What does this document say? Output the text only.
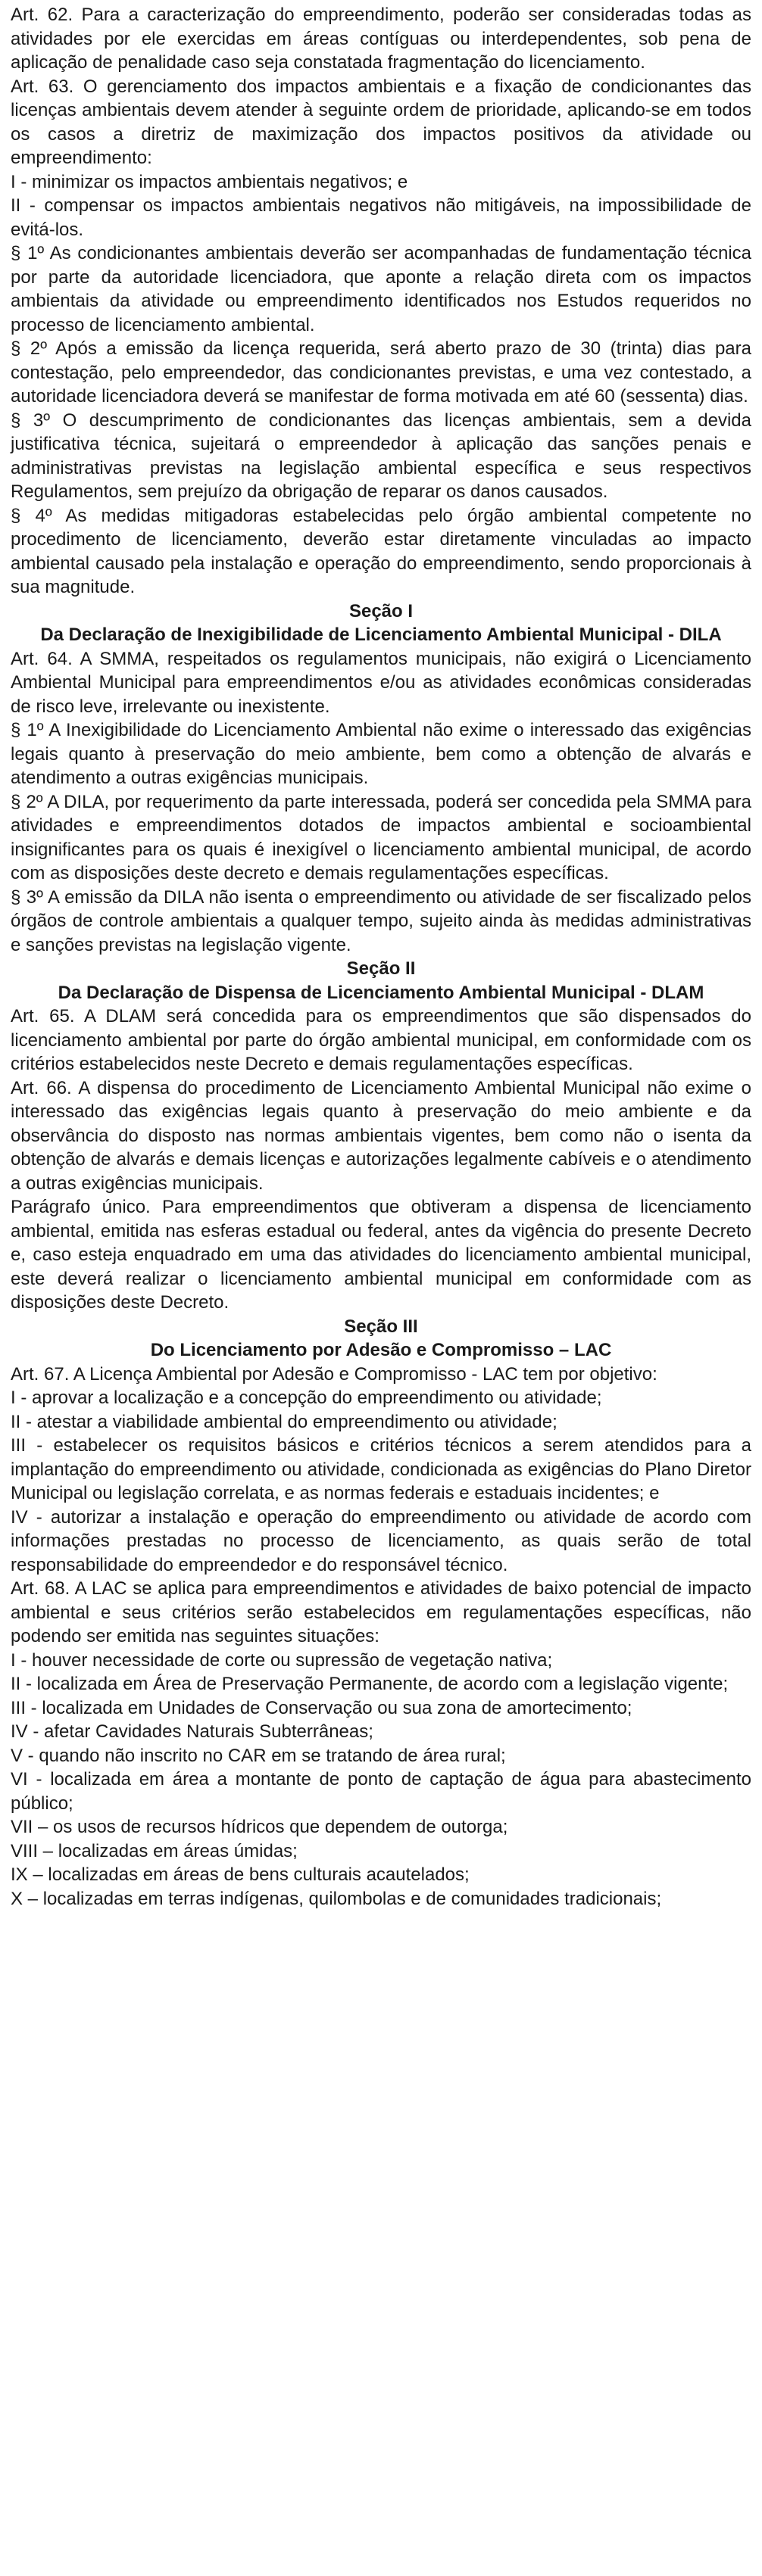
Art. 62. Para a caracterização do empreendimento, poderão ser consideradas todas as atividades por ele exercidas em áreas contíguas ou interdependentes, sob pena de aplicação de penalidade caso seja constatada fragmentação do licenciamento.

Art. 63. O gerenciamento dos impactos ambientais e a fixação de condicionantes das licenças ambientais devem atender à seguinte ordem de prioridade, aplicando-se em todos os casos a diretriz de maximização dos impactos positivos da atividade ou empreendimento:

I - minimizar os impactos ambientais negativos; e

II - compensar os impactos ambientais negativos não mitigáveis, na impossibilidade de evitá-los.

§ 1º As condicionantes ambientais deverão ser acompanhadas de fundamentação técnica por parte da autoridade licenciadora, que aponte a relação direta com os impactos ambientais da atividade ou empreendimento identificados nos Estudos requeridos no processo de licenciamento ambiental.

§ 2º Após a emissão da licença requerida, será aberto prazo de 30 (trinta) dias para contestação, pelo empreendedor, das condicionantes previstas, e uma vez contestado, a autoridade licenciadora deverá se manifestar de forma motivada em até 60 (sessenta) dias.

§ 3º O descumprimento de condicionantes das licenças ambientais, sem a devida justificativa técnica, sujeitará o empreendedor à aplicação das sanções penais e administrativas previstas na legislação ambiental específica e seus respectivos Regulamentos, sem prejuízo da obrigação de reparar os danos causados.

§ 4º As medidas mitigadoras estabelecidas pelo órgão ambiental competente no procedimento de licenciamento, deverão estar diretamente vinculadas ao impacto ambiental causado pela instalação e operação do empreendimento, sendo proporcionais à sua magnitude.

Seção I

Da Declaração de Inexigibilidade de Licenciamento Ambiental Municipal - DILA

Art. 64. A SMMA, respeitados os regulamentos municipais, não exigirá o Licenciamento Ambiental Municipal para empreendimentos e/ou as atividades econômicas consideradas de risco leve, irrelevante ou inexistente.

§ 1º A Inexigibilidade do Licenciamento Ambiental não exime o interessado das exigências legais quanto à preservação do meio ambiente, bem como a obtenção de alvarás e atendimento a outras exigências municipais.

§ 2º A DILA, por requerimento da parte interessada, poderá ser concedida pela SMMA para atividades e empreendimentos dotados de impactos ambiental e socioambiental insignificantes para os quais é inexigível o licenciamento ambiental municipal, de acordo com as disposições deste decreto e demais regulamentações específicas.

§ 3º A emissão da DILA não isenta o empreendimento ou atividade de ser fiscalizado pelos órgãos de controle ambientais a qualquer tempo, sujeito ainda às medidas administrativas e sanções previstas na legislação vigente.

Seção II

Da Declaração de Dispensa de Licenciamento Ambiental Municipal - DLAM

Art. 65. A DLAM será concedida para os empreendimentos que são dispensados do licenciamento ambiental por parte do órgão ambiental municipal, em conformidade com os critérios estabelecidos neste Decreto e demais regulamentações específicas.

Art. 66. A dispensa do procedimento de Licenciamento Ambiental Municipal não exime o interessado das exigências legais quanto à preservação do meio ambiente e da observância do disposto nas normas ambientais vigentes, bem como não o isenta da obtenção de alvarás e demais licenças e autorizações legalmente cabíveis e o atendimento a outras exigências municipais.

Parágrafo único. Para empreendimentos que obtiveram a dispensa de licenciamento ambiental, emitida nas esferas estadual ou federal, antes da vigência do presente Decreto e, caso esteja enquadrado em uma das atividades do licenciamento ambiental municipal, este deverá realizar o licenciamento ambiental municipal em conformidade com as disposições deste Decreto.

Seção III

Do Licenciamento por Adesão e Compromisso – LAC

Art. 67. A Licença Ambiental por Adesão e Compromisso - LAC tem por objetivo:

I - aprovar a localização e a concepção do empreendimento ou atividade;

II - atestar a viabilidade ambiental do empreendimento ou atividade;

III - estabelecer os requisitos básicos e critérios técnicos a serem atendidos para a implantação do empreendimento ou atividade, condicionada as exigências do Plano Diretor Municipal ou legislação correlata, e as normas federais e estaduais incidentes; e

IV - autorizar a instalação e operação do empreendimento ou atividade de acordo com informações prestadas no processo de licenciamento, as quais serão de total responsabilidade do empreendedor e do responsável técnico.

Art. 68. A LAC se aplica para empreendimentos e atividades de baixo potencial de impacto ambiental e seus critérios serão estabelecidos em regulamentações específicas, não podendo ser emitida nas seguintes situações:

I - houver necessidade de corte ou supressão de vegetação nativa;

II - localizada em Área de Preservação Permanente, de acordo com a legislação vigente;

III - localizada em Unidades de Conservação ou sua zona de amortecimento;

IV - afetar Cavidades Naturais Subterrâneas;

V - quando não inscrito no CAR em se tratando de área rural;

VI - localizada em área a montante de ponto de captação de água para abastecimento público;

VII – os usos de recursos hídricos que dependem de outorga;

VIII – localizadas em áreas úmidas;

IX – localizadas em áreas de bens culturais acautelados;

X – localizadas em terras indígenas, quilombolas e de comunidades tradicionais;
